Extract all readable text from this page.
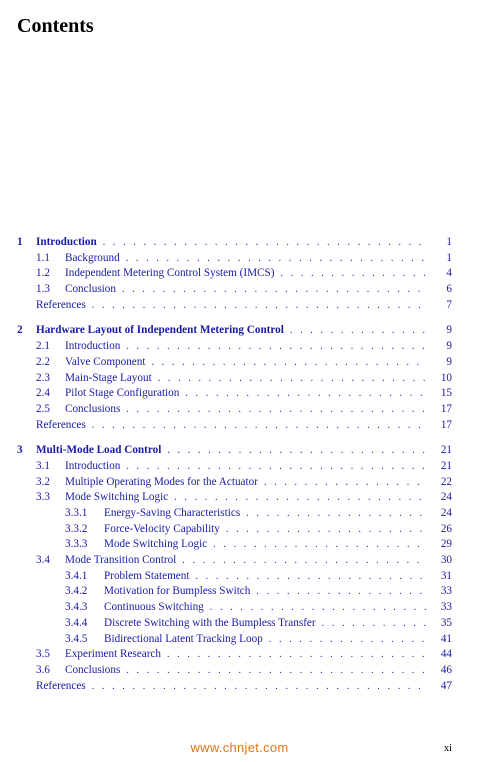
Contents
1 Introduction . . .	1
1.1 Background . . .	1
1.2 Independent Metering Control System (IMCS) . . .	4
1.3 Conclusion . . .	6
References . . .	7
2 Hardware Layout of Independent Metering Control . . .	9
2.1 Introduction . . .	9
2.2 Valve Component . . .	9
2.3 Main-Stage Layout . . .	10
2.4 Pilot Stage Configuration . . .	15
2.5 Conclusions . . .	17
References . . .	17
3 Multi-Mode Load Control . . .	21
3.1 Introduction . . .	21
3.2 Multiple Operating Modes for the Actuator . . .	22
3.3 Mode Switching Logic . . .	24
3.3.1 Energy-Saving Characteristics . . .	24
3.3.2 Force-Velocity Capability . . .	26
3.3.3 Mode Switching Logic . . .	29
3.4 Mode Transition Control . . .	30
3.4.1 Problem Statement . . .	31
3.4.2 Motivation for Bumpless Switch . . .	33
3.4.3 Continuous Switching . . .	33
3.4.4 Discrete Switching with the Bumpless Transfer . . .	35
3.4.5 Bidirectional Latent Tracking Loop . . .	41
3.5 Experiment Research . . .	44
3.6 Conclusions . . .	46
References . . .	47
www.chnjet.com	xi
